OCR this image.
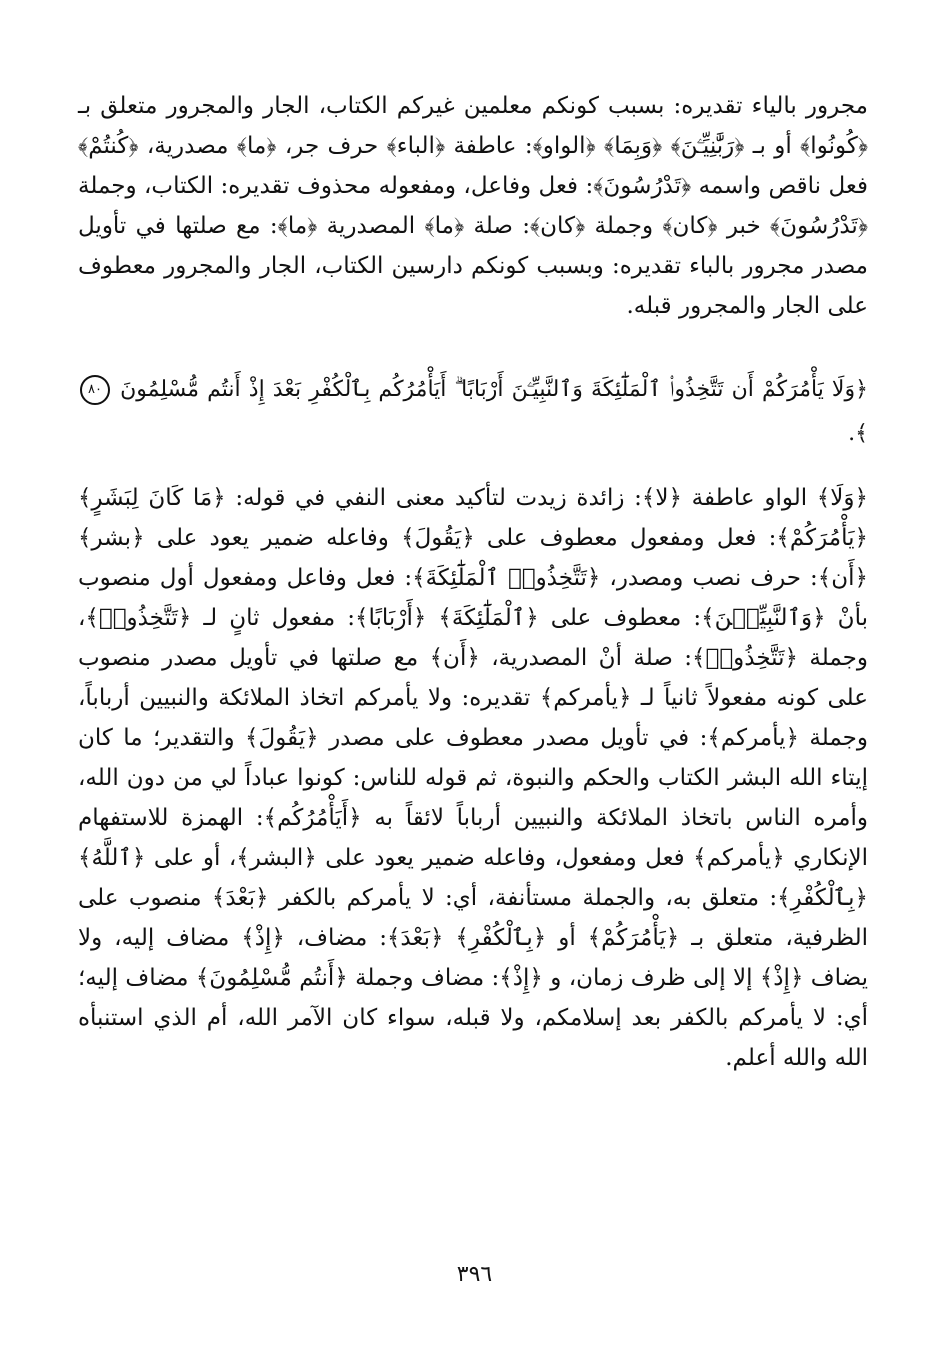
مجرور بالياء تقديره: بسبب كونكم معلمين غيركم الكتاب، الجار والمجرور متعلق بـ ﴿كُونُوا﴾ أو بـ ﴿رَبَّٰنِيِّـۧنَ﴾ ﴿وَبِمَا﴾ ﴿الواو﴾: عاطفة ﴿الباء﴾ حرف جر، ﴿ما﴾ مصدرية، ﴿كُنتُمْ﴾ فعل ناقص واسمه ﴿تَدْرُسُونَ﴾: فعل وفاعل، ومفعوله محذوف تقديره: الكتاب، وجملة ﴿تَدْرُسُونَ﴾ خبر ﴿كان﴾ وجملة ﴿كان﴾: صلة ﴿ما﴾ المصدرية ﴿ما﴾: مع صلتها في تأويل مصدر مجرور بالباء تقديره: وبسبب كونكم دارسين الكتاب، الجار والمجرور معطوف على الجار والمجرور قبله.
﴿وَلَا يَأْمُرَكُمْ أَن تَتَّخِذُوا۟ ٱلْمَلَٰٓئِكَةَ وَٱلنَّبِيِّـۧنَ أَرْبَابًا ۗ أَيَأْمُرُكُم بِٱلْكُفْرِ بَعْدَ إِذْ أَنتُم مُّسْلِمُونَ ٨٠﴾.
﴿وَلَا﴾ الواو عاطفة ﴿لا﴾: زائدة زيدت لتأكيد معنى النفي في قوله: ﴿مَا كَانَ لِبَشَرٍ﴾ ﴿يَأْمُرَكُمْ﴾: فعل ومفعول معطوف على ﴿يَقُولَ﴾ وفاعله ضمير يعود على ﴿بشر﴾ ﴿أَن﴾: حرف نصب ومصدر، ﴿تَتَّخِذُوا۟ ٱلْمَلَٰٓئِكَةَ﴾: فعل وفاعل ومفعول أول منصوب بأنْ ﴿وَٱلنَّبِيِّـۧنَ﴾: معطوف على ﴿ٱلْمَلَٰٓئِكَةَ﴾ ﴿أَرْبَابًا﴾: مفعول ثانٍ لـ ﴿تَتَّخِذُوا۟﴾، وجملة ﴿تَتَّخِذُوا۟﴾: صلة أنْ المصدرية، ﴿أَن﴾ مع صلتها في تأويل مصدر منصوب على كونه مفعولاً ثانياً لـ ﴿يأمركم﴾ تقديره: ولا يأمركم اتخاذ الملائكة والنبيين أرباباً، وجملة ﴿يأمركم﴾: في تأويل مصدر معطوف على مصدر ﴿يَقُولَ﴾ والتقدير؛ ما كان إيتاء الله البشر الكتاب والحكم والنبوة، ثم قوله للناس: كونوا عباداً لي من دون الله، وأمره الناس باتخاذ الملائكة والنبيين أرباباً لائقاً به ﴿أَيَأْمُرُكُم﴾: الهمزة للاستفهام الإنكاري ﴿يأمركم﴾ فعل ومفعول، وفاعله ضمير يعود على ﴿البشر﴾، أو على ﴿ٱللَّهُ﴾ ﴿بِٱلْكُفْرِ﴾: متعلق به، والجملة مستأنفة، أي: لا يأمركم بالكفر ﴿بَعْدَ﴾ منصوب على الظرفية، متعلق بـ ﴿يَأْمُرَكُمْ﴾ أو ﴿بِٱلْكُفْرِ﴾ ﴿بَعْدَ﴾: مضاف، ﴿إِذْ﴾ مضاف إليه، ولا يضاف ﴿إِذْ﴾ إلا إلى ظرف زمان، و ﴿إِذْ﴾: مضاف وجملة ﴿أَنتُم مُّسْلِمُونَ﴾ مضاف إليه؛ أي: لا يأمركم بالكفر بعد إسلامكم، ولا قبله، سواء كان الآمر الله، أم الذي استنبأه الله والله أعلم.
٣٩٦
